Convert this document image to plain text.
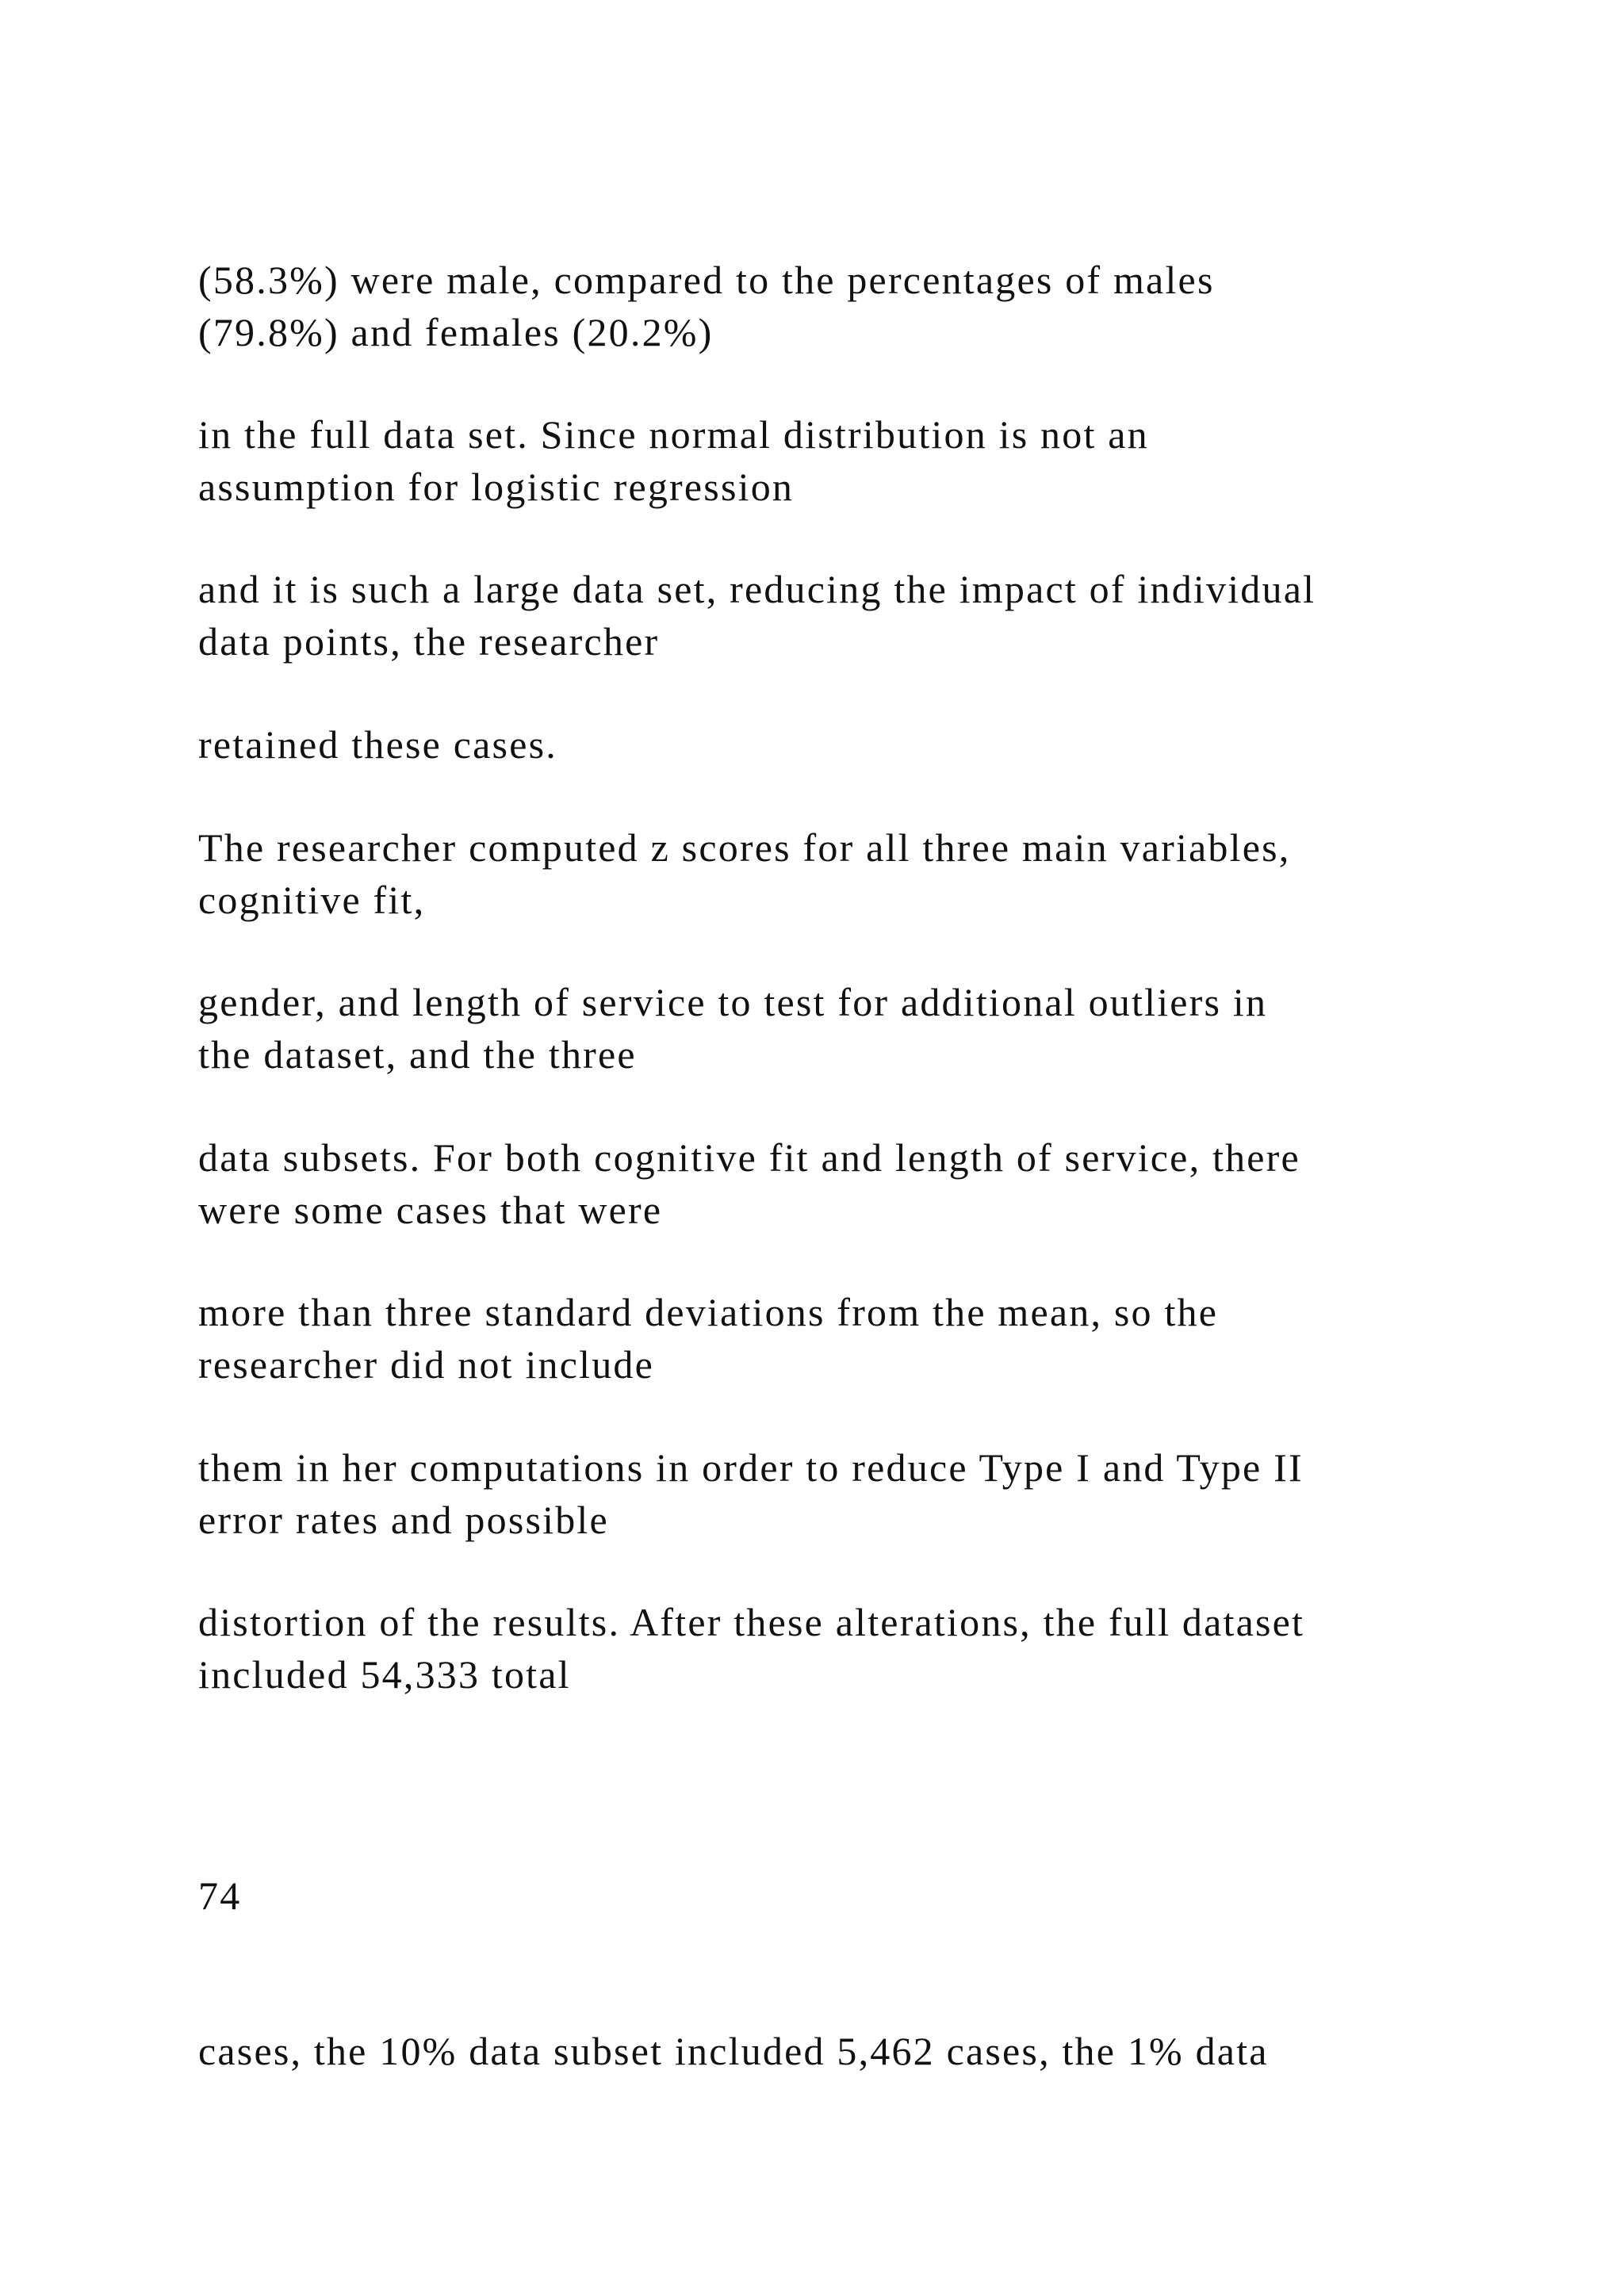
(58.3%) were male, compared to the percentages of males
(79.8%) and females (20.2%)

in the full data set. Since normal distribution is not an
assumption for logistic regression

and it is such a large data set, reducing the impact of individual
data points, the researcher

retained these cases.

The researcher computed z scores for all three main variables,
cognitive fit,

gender, and length of service to test for additional outliers in
the dataset, and the three

data subsets. For both cognitive fit and length of service, there
were some cases that were

more than three standard deviations from the mean, so the
researcher did not include

them in her computations in order to reduce Type I and Type II
error rates and possible

distortion of the results. After these alterations, the full dataset
included 54,333 total

74

cases, the 10% data subset included 5,462 cases, the 1% data
